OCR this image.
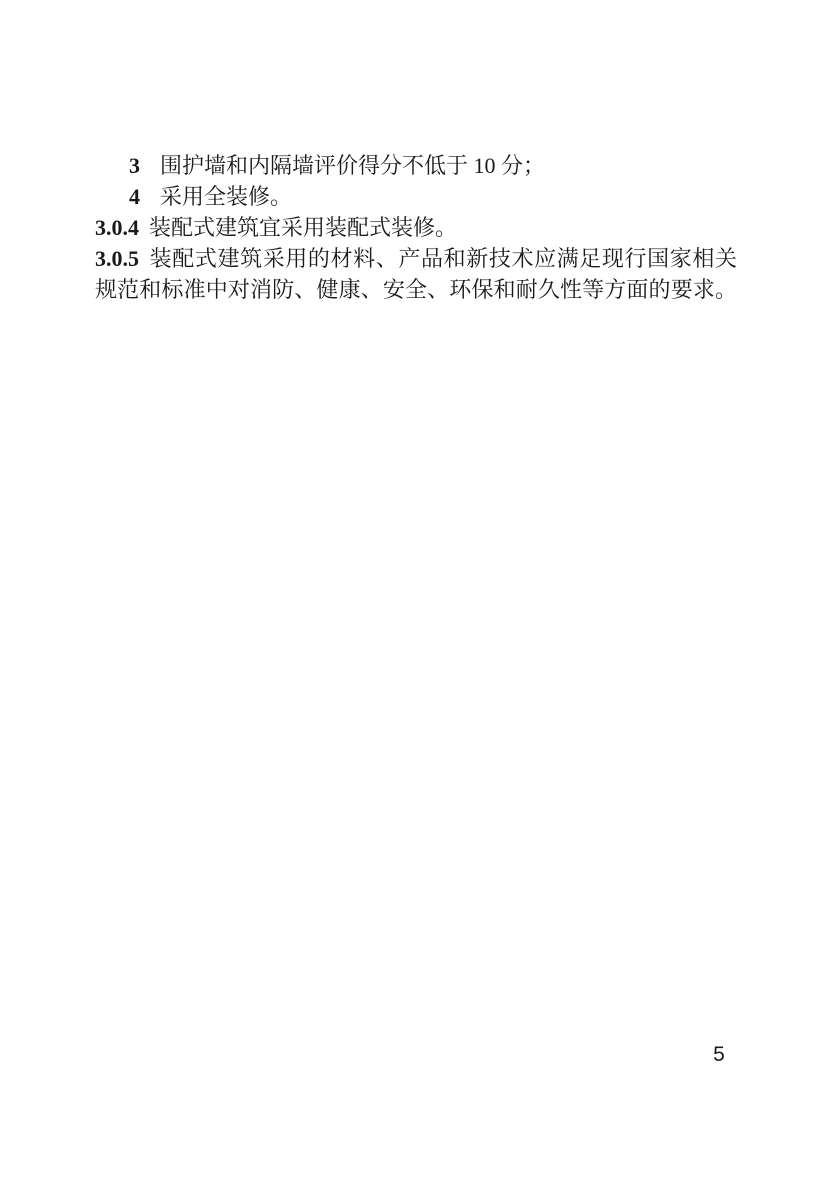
3 围护墙和内隔墙评价得分不低于 10 分；

4 采用全装修。

3.0.4 装配式建筑宜采用装配式装修。

3.0.5 装配式建筑采用的材料、产品和新技术应满足现行国家相关

规范和标准中对消防、健康、安全、环保和耐久性等方面的要求。

5
